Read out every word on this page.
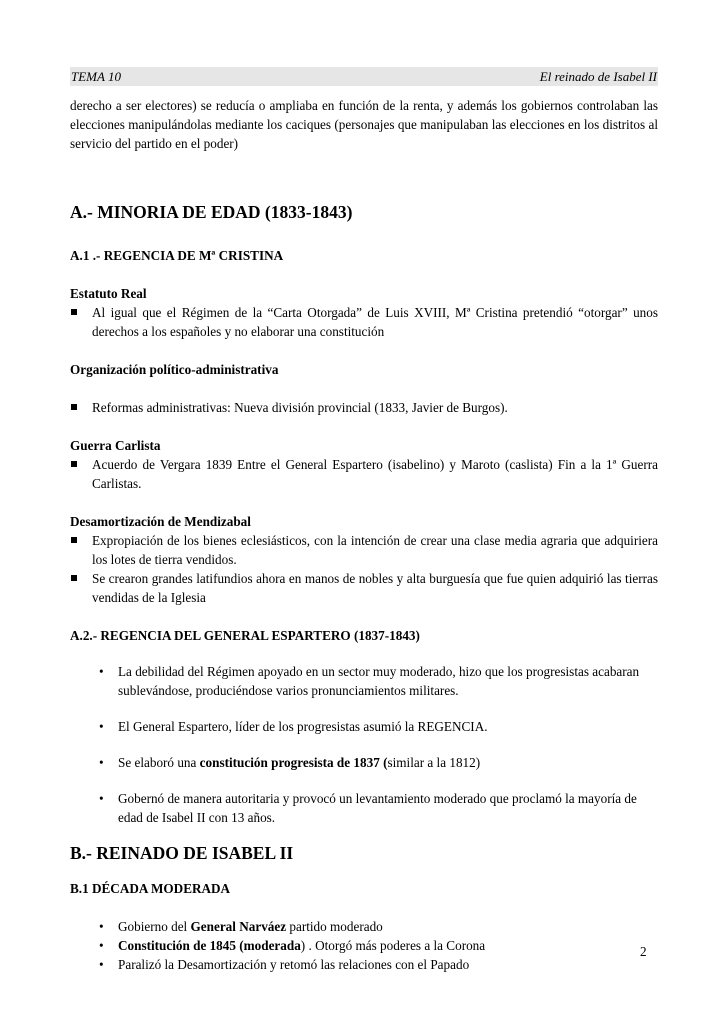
TEMA 10	El reinado de Isabel II

derecho a ser electores) se reducía o ampliaba en función de la renta, y además los gobiernos controlaban las elecciones manipulándolas mediante los caciques (personajes que manipulaban las elecciones en los distritos al servicio del partido en el poder)

A.- MINORIA DE EDAD (1833-1843)
A.1 .- REGENCIA DE Mª CRISTINA
Estatuto Real
Al igual que el Régimen de la “Carta Otorgada” de Luis XVIII, Mª Cristina pretendió “otorgar” unos derechos a los españoles y no elaborar una constitución
Organización político-administrativa
Reformas administrativas: Nueva división provincial (1833, Javier de Burgos).
Guerra Carlista
Acuerdo de Vergara 1839 Entre el General Espartero (isabelino) y Maroto (caslista) Fin a la 1ª Guerra Carlistas.
Desamortización de Mendizabal
Expropiación de los bienes eclesiásticos, con la intención de crear una clase media agraria que adquiriera los lotes de tierra vendidos.
Se crearon grandes latifundios ahora en manos de nobles y alta burguesía que fue quien adquirió las tierras vendidas de la Iglesia
A.2.- REGENCIA DEL GENERAL ESPARTERO (1837-1843)
• La debilidad del Régimen apoyado en un sector muy moderado, hizo que los progresistas acabaran sublevándose, produciéndose varios pronunciamientos militares.
• El General Espartero, líder de los progresistas asumió la REGENCIA.
• Se elaboró una constitución progresista de 1837 (similar a la 1812)
• Gobernó de manera autoritaria y provocó un levantamiento moderado que proclamó la mayoría de edad de Isabel II con 13 años.
B.- REINADO DE ISABEL II
B.1 DÉCADA MODERADA
• Gobierno del General Narváez partido moderado
• Constitución de 1845 (moderada) . Otorgó más poderes a la Corona
• Paralizó la Desamortización y retomó las relaciones con el Papado
2
